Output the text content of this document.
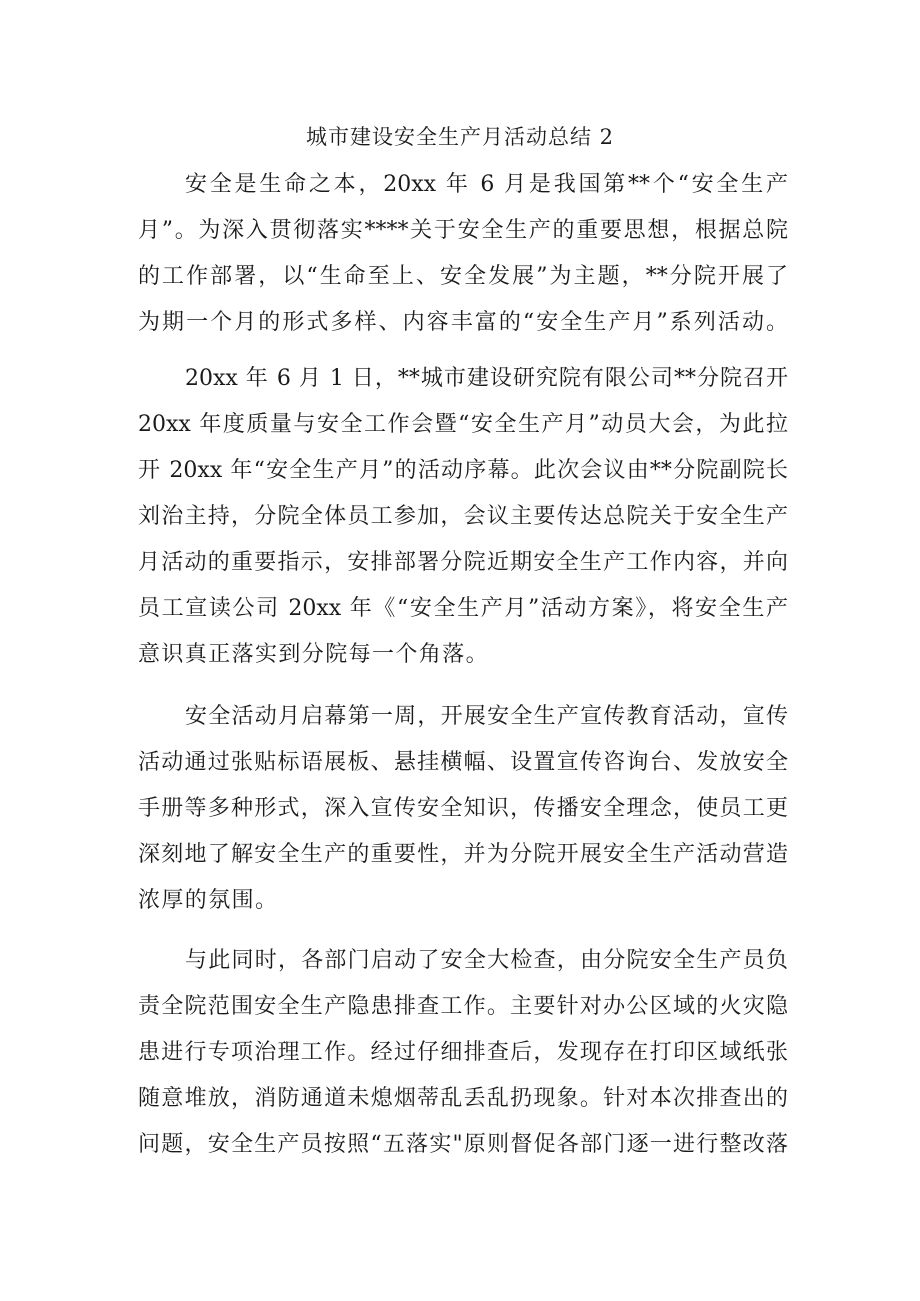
城市建设安全生产月活动总结 2
安全是生命之本，20xx 年 6 月是我国第**个“安全生产
月”。为深入贯彻落实****关于安全生产的重要思想，根据总院
的工作部署，以“生命至上、安全发展”为主题，**分院开展了
为期一个月的形式多样、内容丰富的“安全生产月”系列活动。
20xx 年 6 月 1 日，**城市建设研究院有限公司**分院召开
20xx 年度质量与安全工作会暨“安全生产月”动员大会，为此拉
开 20xx 年“安全生产月”的活动序幕。此次会议由**分院副院长
刘治主持，分院全体员工参加，会议主要传达总院关于安全生产
月活动的重要指示，安排部署分院近期安全生产工作内容，并向
员工宣读公司 20xx 年《“安全生产月”活动方案》，将安全生产
意识真正落实到分院每一个角落。
安全活动月启幕第一周，开展安全生产宣传教育活动，宣传
活动通过张贴标语展板、悬挂横幅、设置宣传咨询台、发放安全
手册等多种形式，深入宣传安全知识，传播安全理念，使员工更
深刻地了解安全生产的重要性，并为分院开展安全生产活动营造
浓厚的氛围。
与此同时，各部门启动了安全大检查，由分院安全生产员负
责全院范围安全生产隐患排查工作。主要针对办公区域的火灾隐
患进行专项治理工作。经过仔细排查后，发现存在打印区域纸张
随意堆放，消防通道未熄烟蒂乱丢乱扔现象。针对本次排查出的
问题，安全生产员按照“五落实"原则督促各部门逐一进行整改落
